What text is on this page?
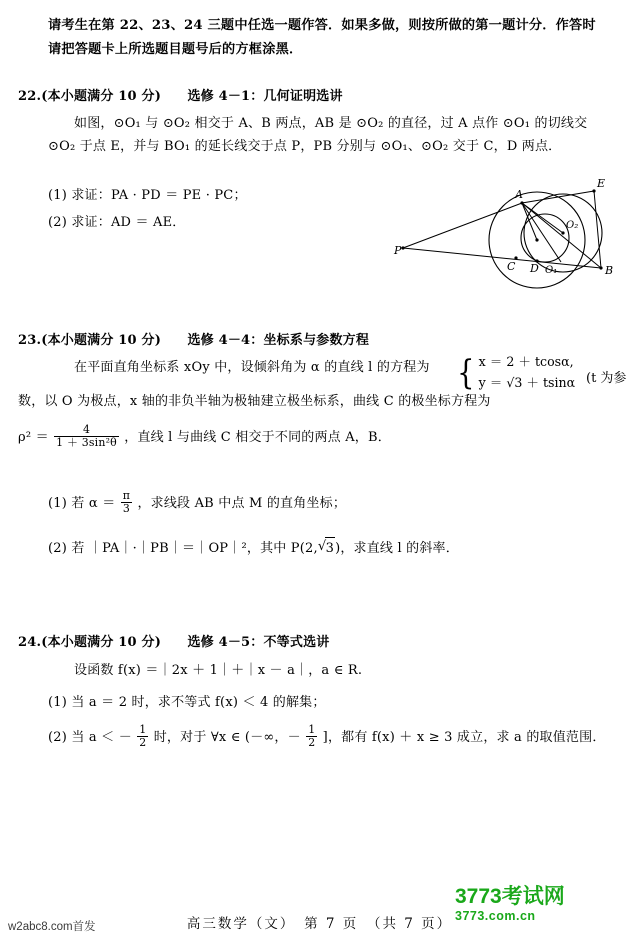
请考生在第 22、23、24 三题中任选一题作答．如果多做，则按所做的第一题计分．作答时
请把答题卡上所选题目题号后的方框涂黑．
22.(本小题满分 10 分)　　选修 4－1：几何证明选讲
如图，⊙O₁ 与 ⊙O₂ 相交于 A、B 两点，AB 是 ⊙O₂ 的直径，过 A 点作 ⊙O₁ 的切线交 ⊙O₂ 于点 E，并与 BO₁ 的延长线交于点 P，PB 分别与 ⊙O₁、⊙O₂ 交于 C，D 两点．
(1) 求证：PA · PD ＝ PE · PC；
(2) 求证：AD ＝ AE．
P
A
E
B
C D O₁
O₂
23.(本小题满分 10 分)　　选修 4－4：坐标系与参数方程
在平面直角坐标系 xOy 中，设倾斜角为 α 的直线 l 的方程为 { x ＝ 2 ＋ tcosα,
y ＝ √3 ＋ tsinα (t 为参
数，以 O 为极点，x 轴的非负半轴为极轴建立极坐标系，曲线 C 的极坐标方程为
$\rho^2 = \frac{4}{\text{1 ＋ 3sin²θ}}$ ，直线 l 与曲线 C 相交于不同的两点 A，B．
(1) 若 $\alpha = \frac{\pi}{3}$ ，求线段 AB 中点 M 的直角坐标；
(2) 若 ｜PA｜·｜PB｜＝｜OP｜²，其中 P(2, √ 3)，求直线 l 的斜率．
24.(本小题满分 10 分)　　选修 4－5：不等式选讲
设函数 f(x) ＝｜2x ＋ 1｜＋｜x － a｜，a ∈ R.
(1) 当 a ＝ 2 时，求不等式 f(x) ＜ 4 的解集；
(2) 当 a ＜ － $\frac{1}{2}$ 时，对于 ∀x ∈ (－∞，－ $\frac{1}{2}$ ]，都有 f(x) ＋ x ≥ 3 成立，求 a 的取值范围．
3773考试网
3773.com.cn
高三数学（文）　第 7 页　（共 7 页）
w2abc8.com首发
